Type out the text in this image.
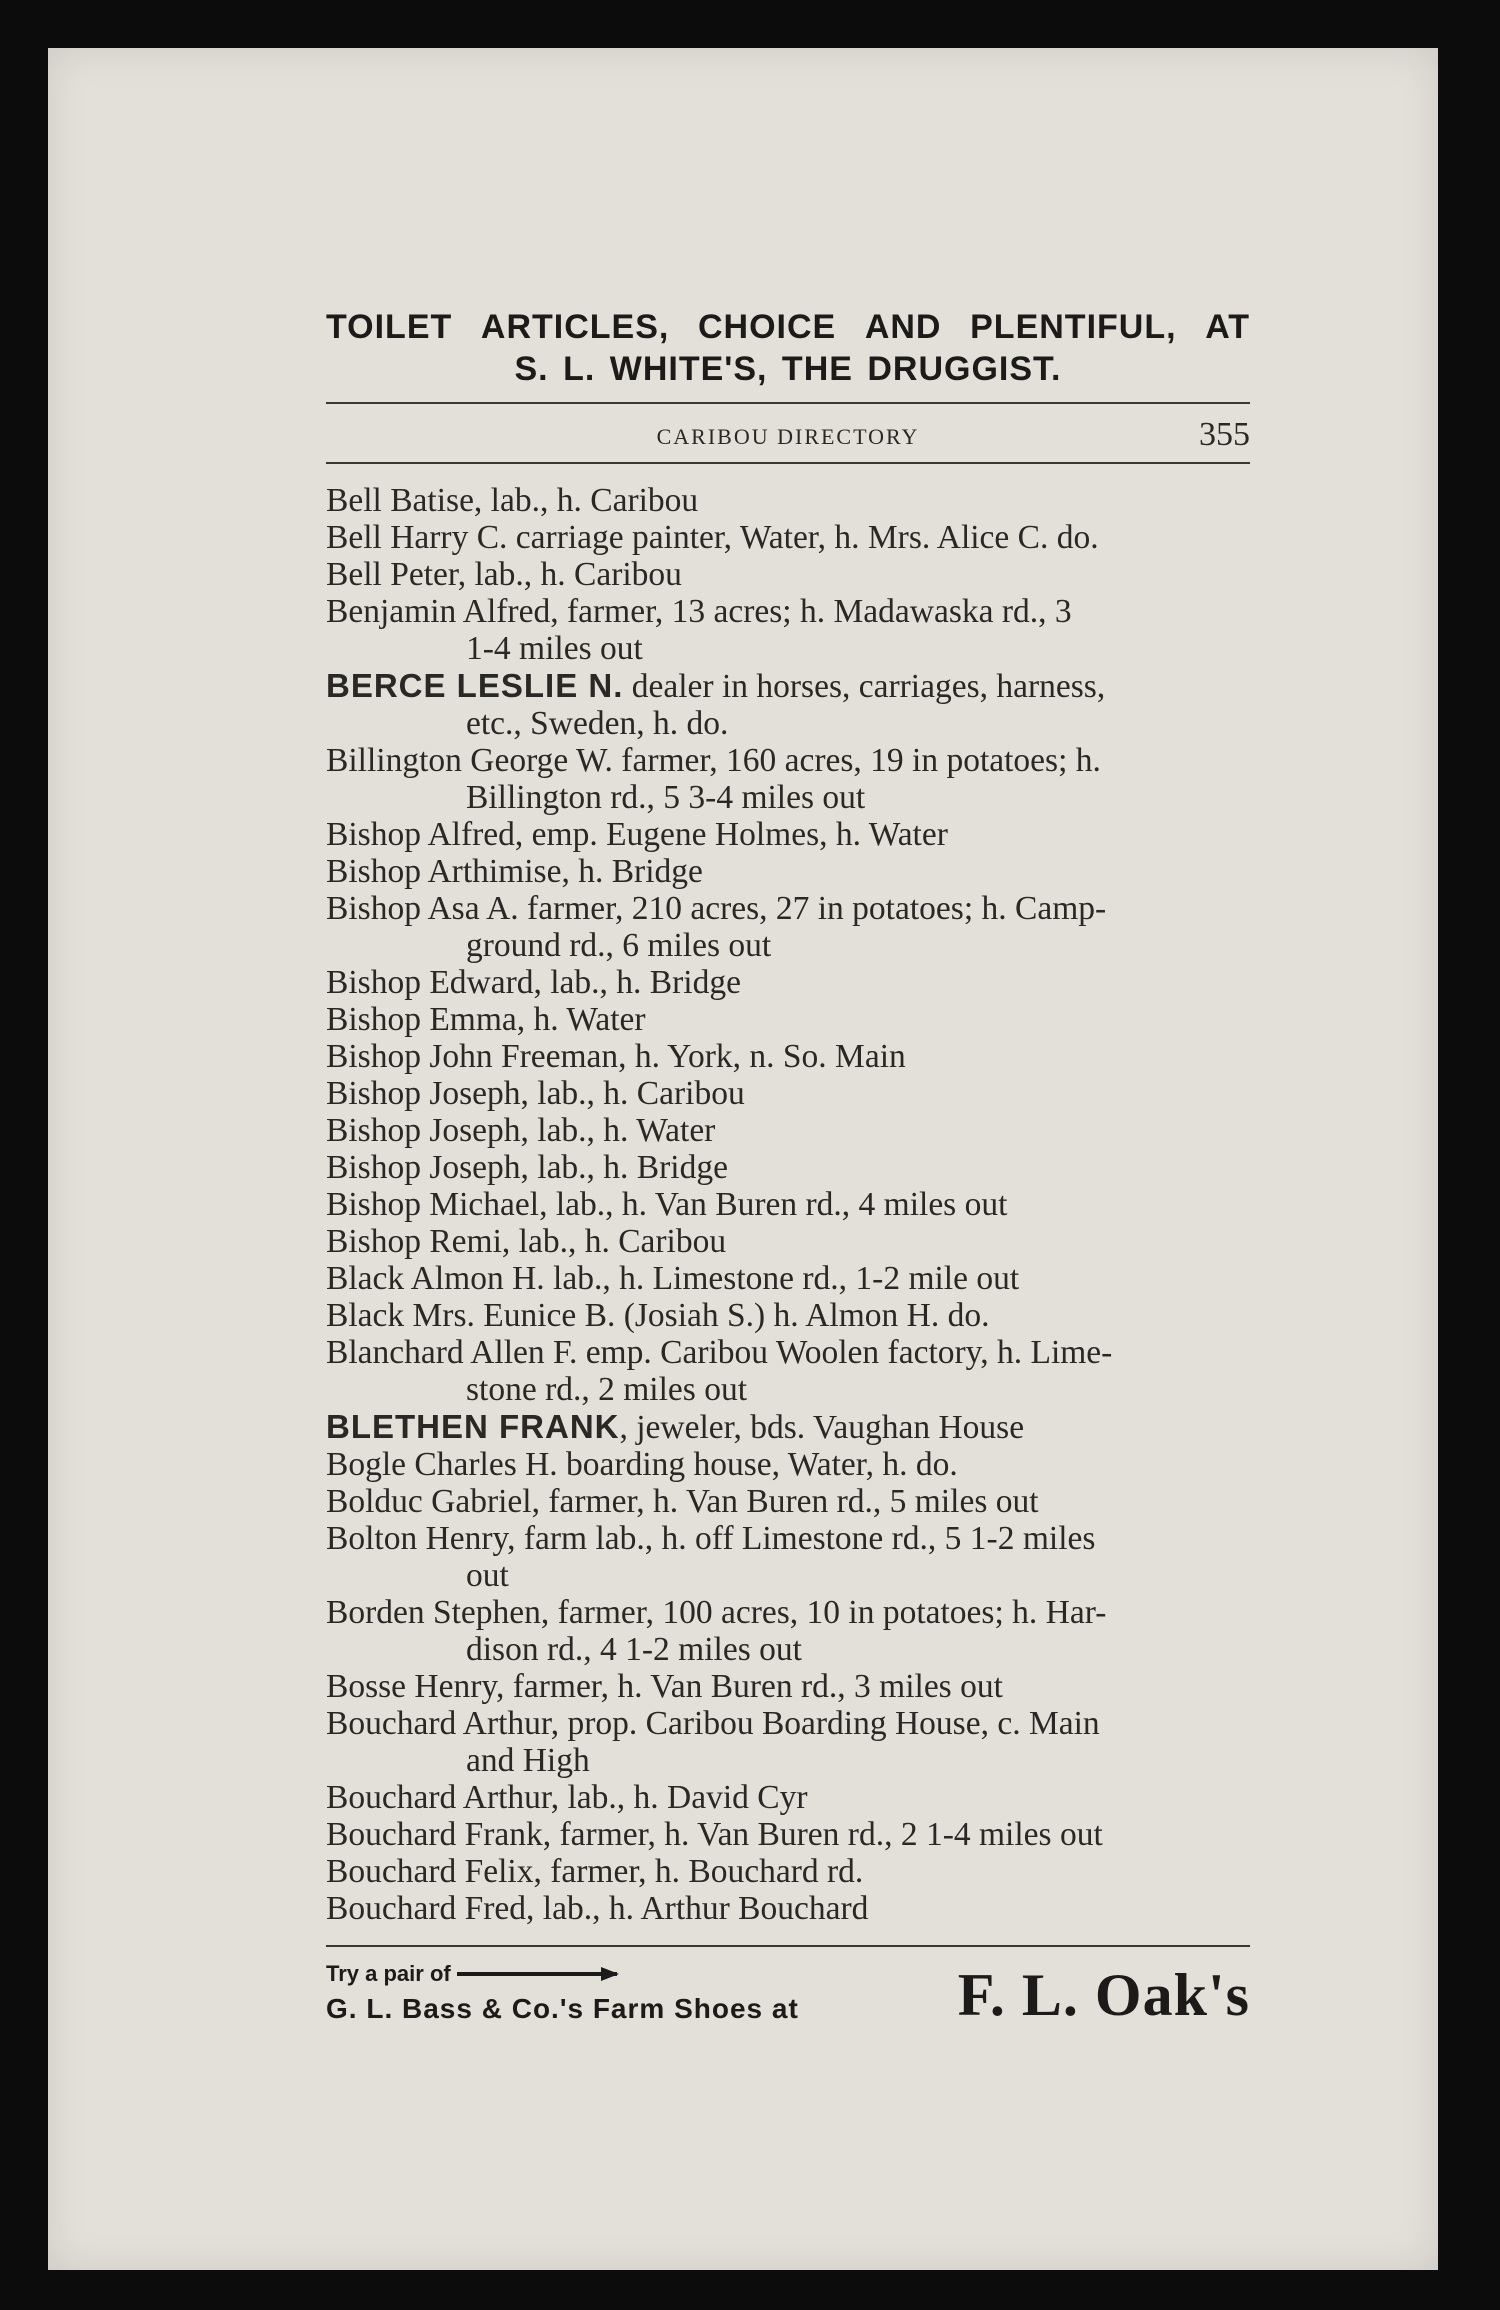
TOILET ARTICLES, CHOICE AND PLENTIFUL, AT
S. L. WHITE'S, THE DRUGGIST.
CARIBOU DIRECTORY	355
Bell Batise, lab., h. Caribou
Bell Harry C. carriage painter, Water, h. Mrs. Alice C. do.
Bell Peter, lab., h. Caribou
Benjamin Alfred, farmer, 13 acres; h. Madawaska rd., 3
1-4 miles out
BERCE LESLIE N. dealer in horses, carriages, harness,
etc., Sweden, h. do.
Billington George W. farmer, 160 acres, 19 in potatoes; h.
Billington rd., 5 3-4 miles out
Bishop Alfred, emp. Eugene Holmes, h. Water
Bishop Arthimise, h. Bridge
Bishop Asa A. farmer, 210 acres, 27 in potatoes; h. Camp-
ground rd., 6 miles out
Bishop Edward, lab., h. Bridge
Bishop Emma, h. Water
Bishop John Freeman, h. York, n. So. Main
Bishop Joseph, lab., h. Caribou
Bishop Joseph, lab., h. Water
Bishop Joseph, lab., h. Bridge
Bishop Michael, lab., h. Van Buren rd., 4 miles out
Bishop Remi, lab., h. Caribou
Black Almon H. lab., h. Limestone rd., 1-2 mile out
Black Mrs. Eunice B. (Josiah S.) h. Almon H. do.
Blanchard Allen F. emp. Caribou Woolen factory, h. Lime-
stone rd., 2 miles out
BLETHEN FRANK, jeweler, bds. Vaughan House
Bogle Charles H. boarding house, Water, h. do.
Bolduc Gabriel, farmer, h. Van Buren rd., 5 miles out
Bolton Henry, farm lab., h. off Limestone rd., 5 1-2 miles
out
Borden Stephen, farmer, 100 acres, 10 in potatoes; h. Har-
dison rd., 4 1-2 miles out
Bosse Henry, farmer, h. Van Buren rd., 3 miles out
Bouchard Arthur, prop. Caribou Boarding House, c. Main
and High
Bouchard Arthur, lab., h. David Cyr
Bouchard Frank, farmer, h. Van Buren rd., 2 1-4 miles out
Bouchard Felix, farmer, h. Bouchard rd.
Bouchard Fred, lab., h. Arthur Bouchard
Try a pair of
G. L. Bass & Co.'s Farm Shoes at	F. L. Oak's
